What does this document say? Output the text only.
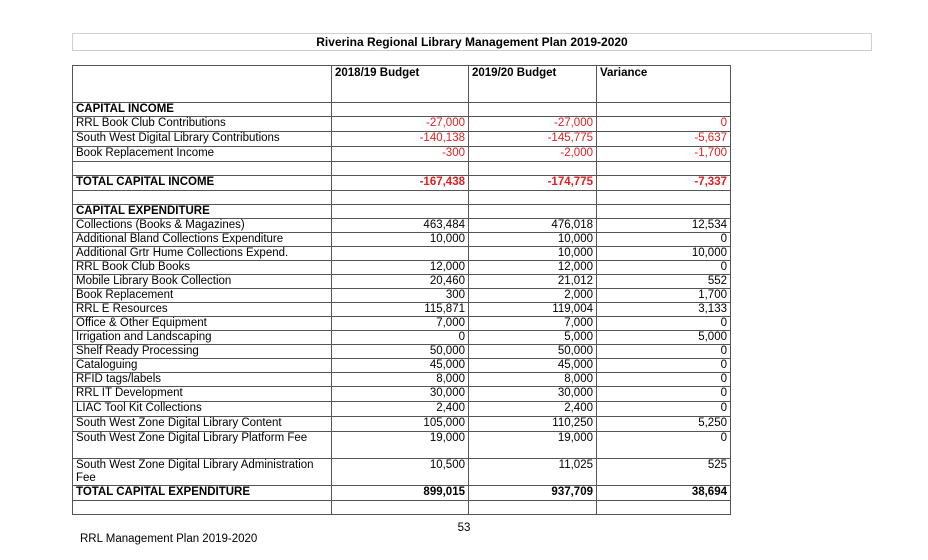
Riverina Regional Library Management Plan 2019-2020
	2018/19 Budget	2019/20 Budget	Variance
CAPITAL INCOME			
RRL Book Club Contributions	-27,000	-27,000	0
South West Digital Library Contributions	-140,138	-145,775	-5,637
Book Replacement Income	-300	-2,000	-1,700

TOTAL CAPITAL INCOME	-167,438	-174,775	-7,337

CAPITAL EXPENDITURE			
Collections (Books & Magazines)	463,484	476,018	12,534
Additional Bland Collections Expenditure	10,000	10,000	0
Additional Grtr Hume Collections Expend.		10,000	10,000
RRL Book Club Books	12,000	12,000	0
Mobile Library Book Collection	20,460	21,012	552
Book Replacement	300	2,000	1,700
RRL E Resources	115,871	119,004	3,133
Office & Other Equipment	7,000	7,000	0
Irrigation and Landscaping	0	5,000	5,000
Shelf Ready Processing	50,000	50,000	0
Cataloguing	45,000	45,000	0
RFID tags/labels	8,000	8,000	0
RRL IT Development	30,000	30,000	0
LIAC Tool Kit Collections	2,400	2,400	0
South West Zone Digital Library Content	105,000	110,250	5,250
South West Zone Digital Library Platform Fee	19,000	19,000	0
South West Zone Digital Library Administration Fee	10,500	11,025	525
TOTAL CAPITAL EXPENDITURE	899,015	937,709	38,694

53
RRL Management Plan 2019-2020
